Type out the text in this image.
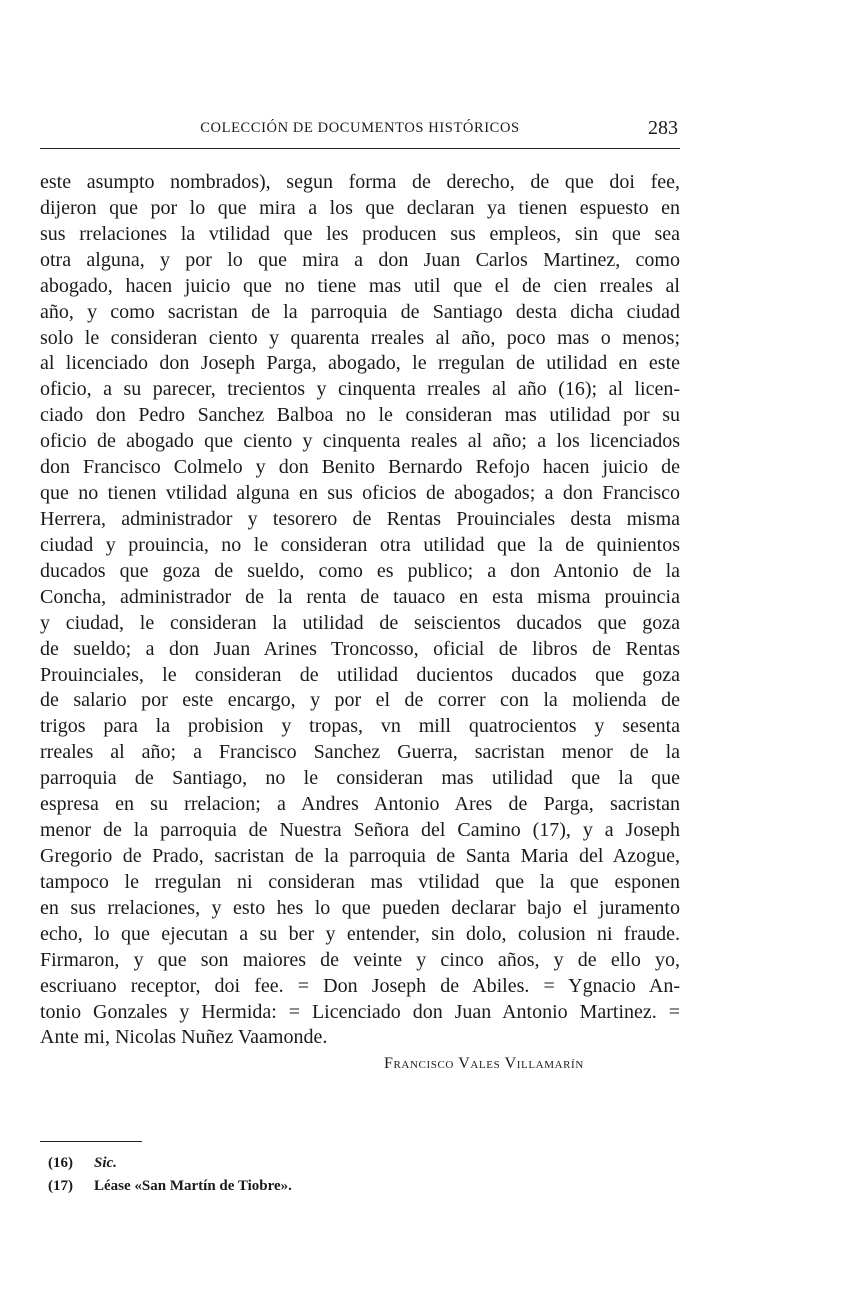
COLECCIÓN DE DOCUMENTOS HISTÓRICOS	283
este asumpto nombrados), segun forma de derecho, de que doi fee,
dijeron que por lo que mira a los que declaran ya tienen espuesto en
sus rrelaciones la vtilidad que les producen sus empleos, sin que sea
otra alguna, y por lo que mira a don Juan Carlos Martinez, como
abogado, hacen juicio que no tiene mas util que el de cien rreales al
año, y como sacristan de la parroquia de Santiago desta dicha ciudad
solo le consideran ciento y quarenta rreales al año, poco mas o menos;
al licenciado don Joseph Parga, abogado, le rregulan de utilidad en este
oficio, a su parecer, trecientos y cinquenta rreales al año (16); al licen-
ciado don Pedro Sanchez Balboa no le consideran mas utilidad por su
oficio de abogado que ciento y cinquenta reales al año; a los licenciados
don Francisco Colmelo y don Benito Bernardo Refojo hacen juicio de
que no tienen vtilidad alguna en sus oficios de abogados; a don Francisco
Herrera, administrador y tesorero de Rentas Prouinciales desta misma
ciudad y prouincia, no le consideran otra utilidad que la de quinientos
ducados que goza de sueldo, como es publico; a don Antonio de la
Concha, administrador de la renta de tauaco en esta misma prouincia
y ciudad, le consideran la utilidad de seiscientos ducados que goza
de sueldo; a don Juan Arines Troncosso, oficial de libros de Rentas
Prouinciales, le consideran de utilidad ducientos ducados que goza
de salario por este encargo, y por el de correr con la molienda de
trigos para la probision y tropas, vn mill quatrocientos y sesenta
rreales al año; a Francisco Sanchez Guerra, sacristan menor de la
parroquia de Santiago, no le consideran mas utilidad que la que
espresa en su rrelacion; a Andres Antonio Ares de Parga, sacristan
menor de la parroquia de Nuestra Señora del Camino (17), y a Joseph
Gregorio de Prado, sacristan de la parroquia de Santa Maria del Azogue,
tampoco le rregulan ni consideran mas vtilidad que la que esponen
en sus rrelaciones, y esto hes lo que pueden declarar bajo el juramento
echo, lo que ejecutan a su ber y entender, sin dolo, colusion ni fraude.
Firmaron, y que son maiores de veinte y cinco años, y de ello yo,
escriuano receptor, doi fee. = Don Joseph de Abiles. = Ygnacio An-
tonio Gonzales y Hermida: = Licenciado don Juan Antonio Martinez. =
Ante mi, Nicolas Nuñez Vaamonde.
Francisco Vales Villamarín
(16)	Sic.
(17)	Léase «San Martín de Tiobre».
